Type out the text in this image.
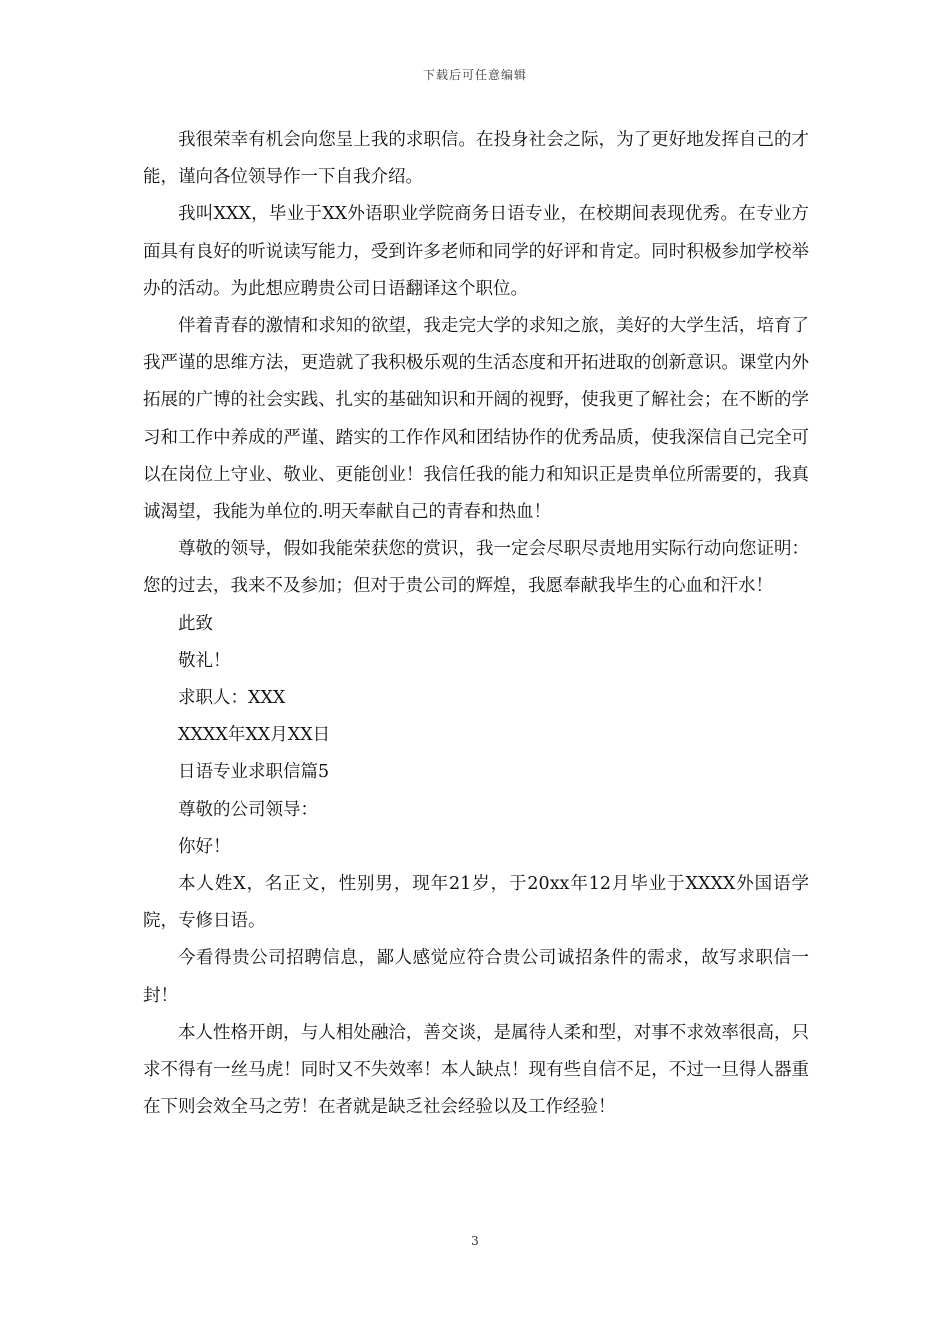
下载后可任意编辑

我很荣幸有机会向您呈上我的求职信。在投身社会之际，为了更好地发挥自己的才能，谨向各位领导作一下自我介绍。

我叫XXX，毕业于XX外语职业学院商务日语专业，在校期间表现优秀。在专业方面具有良好的听说读写能力，受到许多老师和同学的好评和肯定。同时积极参加学校举办的活动。为此想应聘贵公司日语翻译这个职位。

伴着青春的激情和求知的欲望，我走完大学的求知之旅，美好的大学生活，培育了我严谨的思维方法，更造就了我积极乐观的生活态度和开拓进取的创新意识。课堂内外拓展的广博的社会实践、扎实的基础知识和开阔的视野，使我更了解社会；在不断的学习和工作中养成的严谨、踏实的工作作风和团结协作的优秀品质，使我深信自己完全可以在岗位上守业、敬业、更能创业！我信任我的能力和知识正是贵单位所需要的，我真诚渴望，我能为单位的.明天奉献自己的青春和热血！

尊敬的领导，假如我能荣获您的赏识，我一定会尽职尽责地用实际行动向您证明：您的过去，我来不及参加；但对于贵公司的辉煌，我愿奉献我毕生的心血和汗水！

此致

敬礼！

求职人：XXX

XXXX年XX月XX日

日语专业求职信篇5

尊敬的公司领导：

你好！

本人姓X，名正文，性别男，现年21岁，于20xx年12月毕业于XXXX外国语学院，专修日语。

今看得贵公司招聘信息，鄙人感觉应符合贵公司诚招条件的需求，故写求职信一封！

本人性格开朗，与人相处融洽，善交谈，是属待人柔和型，对事不求效率很高，只求不得有一丝马虎！同时又不失效率！本人缺点！现有些自信不足，不过一旦得人器重在下则会效全马之劳！在者就是缺乏社会经验以及工作经验！

3
